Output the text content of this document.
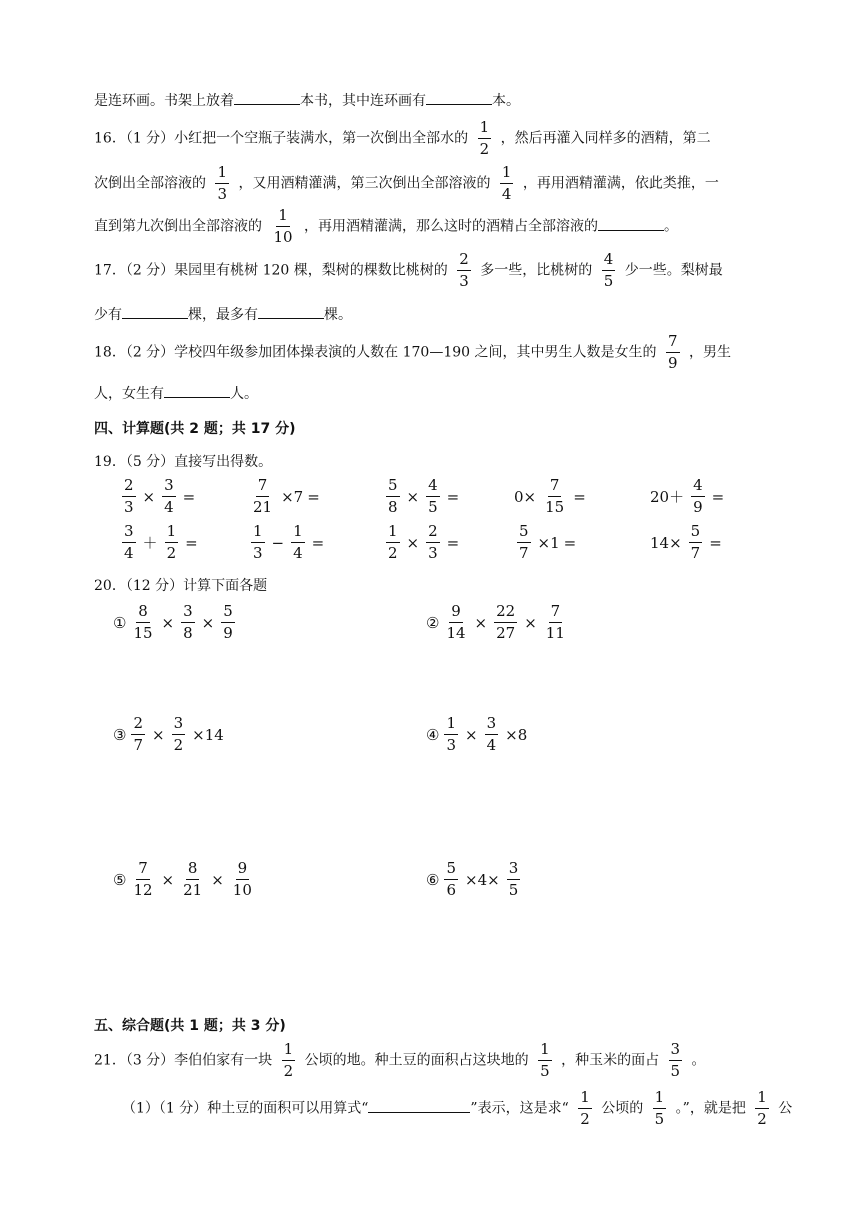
是连环画。书架上放着	本书，其中连环画有	本。
16．（1 分）小红把一个空瓶子装满水，第一次倒出全部水的 $\frac{1}{2}$ ，然后再灌入同样多的酒精，第二
次倒出全部溶液的 $\frac{1}{3}$ ，又用酒精灌满，第三次倒出全部溶液的 $\frac{1}{4}$ ，再用酒精灌满，依此类推，一
直到第九次倒出全部溶液的 $\frac{1}{10}$ ，再用酒精灌满，那么这时的酒精占全部溶液的	。
17．（2 分）果园里有桃树 120 棵，梨树的棵数比桃树的 $\frac{2}{3}$ 多一些，比桃树的 $\frac{4}{5}$ 少一些。梨树最
少有	棵，最多有	棵。
18．（2 分）学校四年级参加团体操表演的人数在 170—190 之间，其中男生人数是女生的 $\frac{7}{9}$ ，男生
人，女生有	人。
四、计算题(共 2 题；共 17 分)
19．（5 分）直接写出得数。
$\frac{2}{3} \times \frac{3}{4}$ =	$\frac{7}{21} \times 7$ =	$\frac{5}{8} \times \frac{4}{5}$ =	$0\times \frac{7}{15}$ =	$20+ \frac{4}{9}$ =
$\frac{3}{4} + \frac{1}{2}$ =	$\frac{1}{3} - \frac{1}{4}$ =	$\frac{1}{2} \times \frac{2}{3}$ =	$\frac{5}{7} \times 1$ =	$14\times \frac{5}{7}$ =
20．（12 分）计算下面各题
① $\frac{8}{15} \times \frac{3}{8} \times \frac{5}{9}$	② $\frac{9}{14} \times \frac{22}{27} \times \frac{7}{11}$
③ $\frac{2}{7} \times \frac{3}{2} \times 14$	④ $\frac{1}{3} \times \frac{3}{4} \times 8$
⑤ $\frac{7}{12} \times \frac{8}{21} \times \frac{9}{10}$	⑥ $\frac{5}{6} \times 4\times \frac{3}{5}$
五、综合题(共 1 题；共 3 分)
21．（3 分）李伯伯家有一块 $\frac{1}{2}$ 公顷的地。种土豆的面积占这块地的 $\frac{1}{5}$ ，种玉米的面占 $\frac{3}{5}$ 。
（1）（1 分）种土豆的面积可以用算式“	”表示，这是求“ $\frac{1}{2}$ 公顷的 $\frac{1}{5}$ 。”，就是把 $\frac{1}{2}$ 公
